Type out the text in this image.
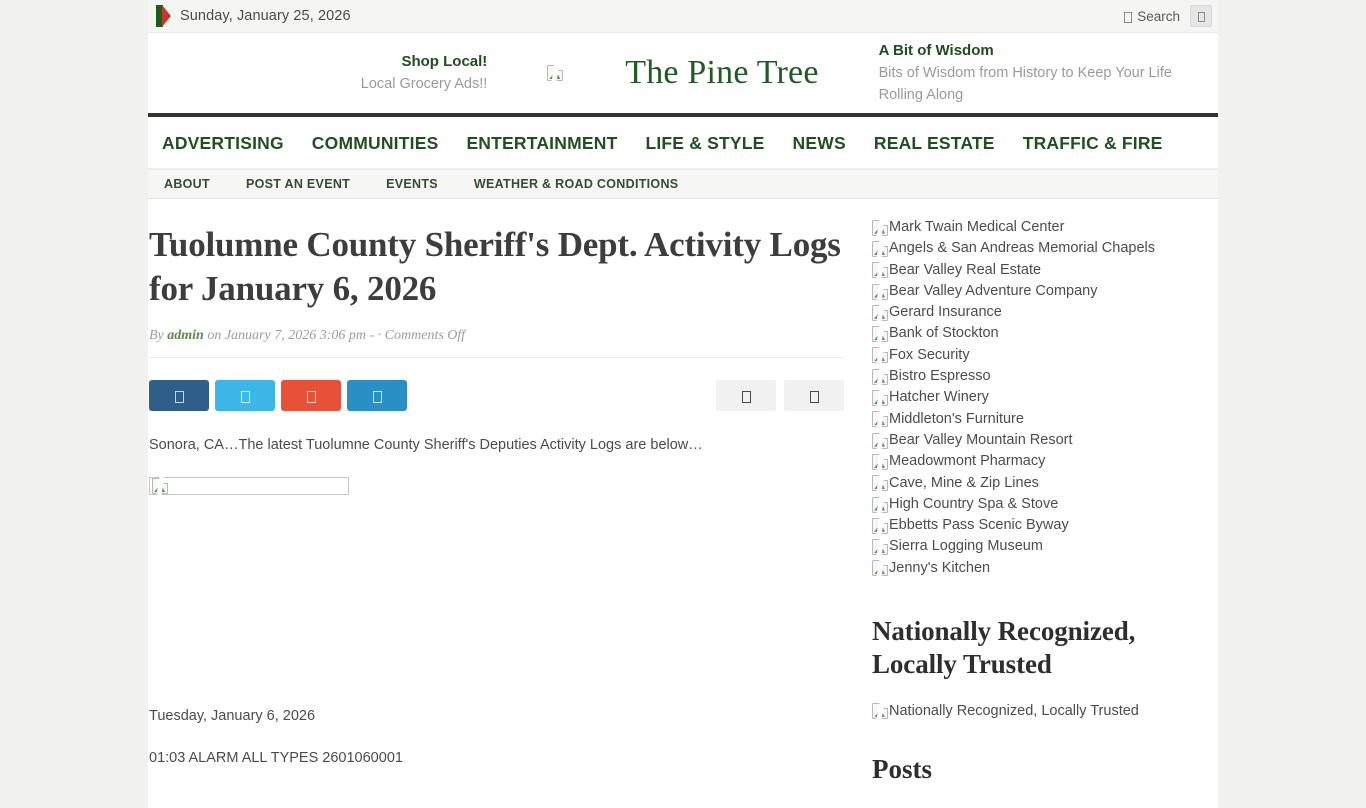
Sunday, January 25, 2026	Search
Shop Local!
Local Grocery Ads!!	The Pine Tree
A Bit of Wisdom
Bits of Wisdom from History to Keep Your Life Rolling Along
ADVERTISING COMMUNITIES ENTERTAINMENT LIFE & STYLE NEWS REAL ESTATE TRAFFIC & FIRE
ABOUT	POST AN EVENT	EVENTS	WEATHER & ROAD CONDITIONS
Tuolumne County Sheriff's Dept. Activity Logs for January 6, 2026
By admin on January 7, 2026 3:06 pm - · Comments Off

Sonora, CA…The latest Tuolumne County Sheriff's Deputies Activity Logs are below…

Tuesday, January 6, 2026

01:03 ALARM ALL TYPES 2601060001

Mark Twain Medical Center
Angels & San Andreas Memorial Chapels
Bear Valley Real Estate
Bear Valley Adventure Company
Gerard Insurance
Bank of Stockton
Fox Security
Bistro Espresso
Hatcher Winery
Middleton's Furniture
Bear Valley Mountain Resort
Meadowmont Pharmacy
Cave, Mine & Zip Lines
High Country Spa & Stove
Ebbetts Pass Scenic Byway
Sierra Logging Museum
Jenny's Kitchen
Nationally Recognized, Locally Trusted
Nationally Recognized, Locally Trusted
Posts
